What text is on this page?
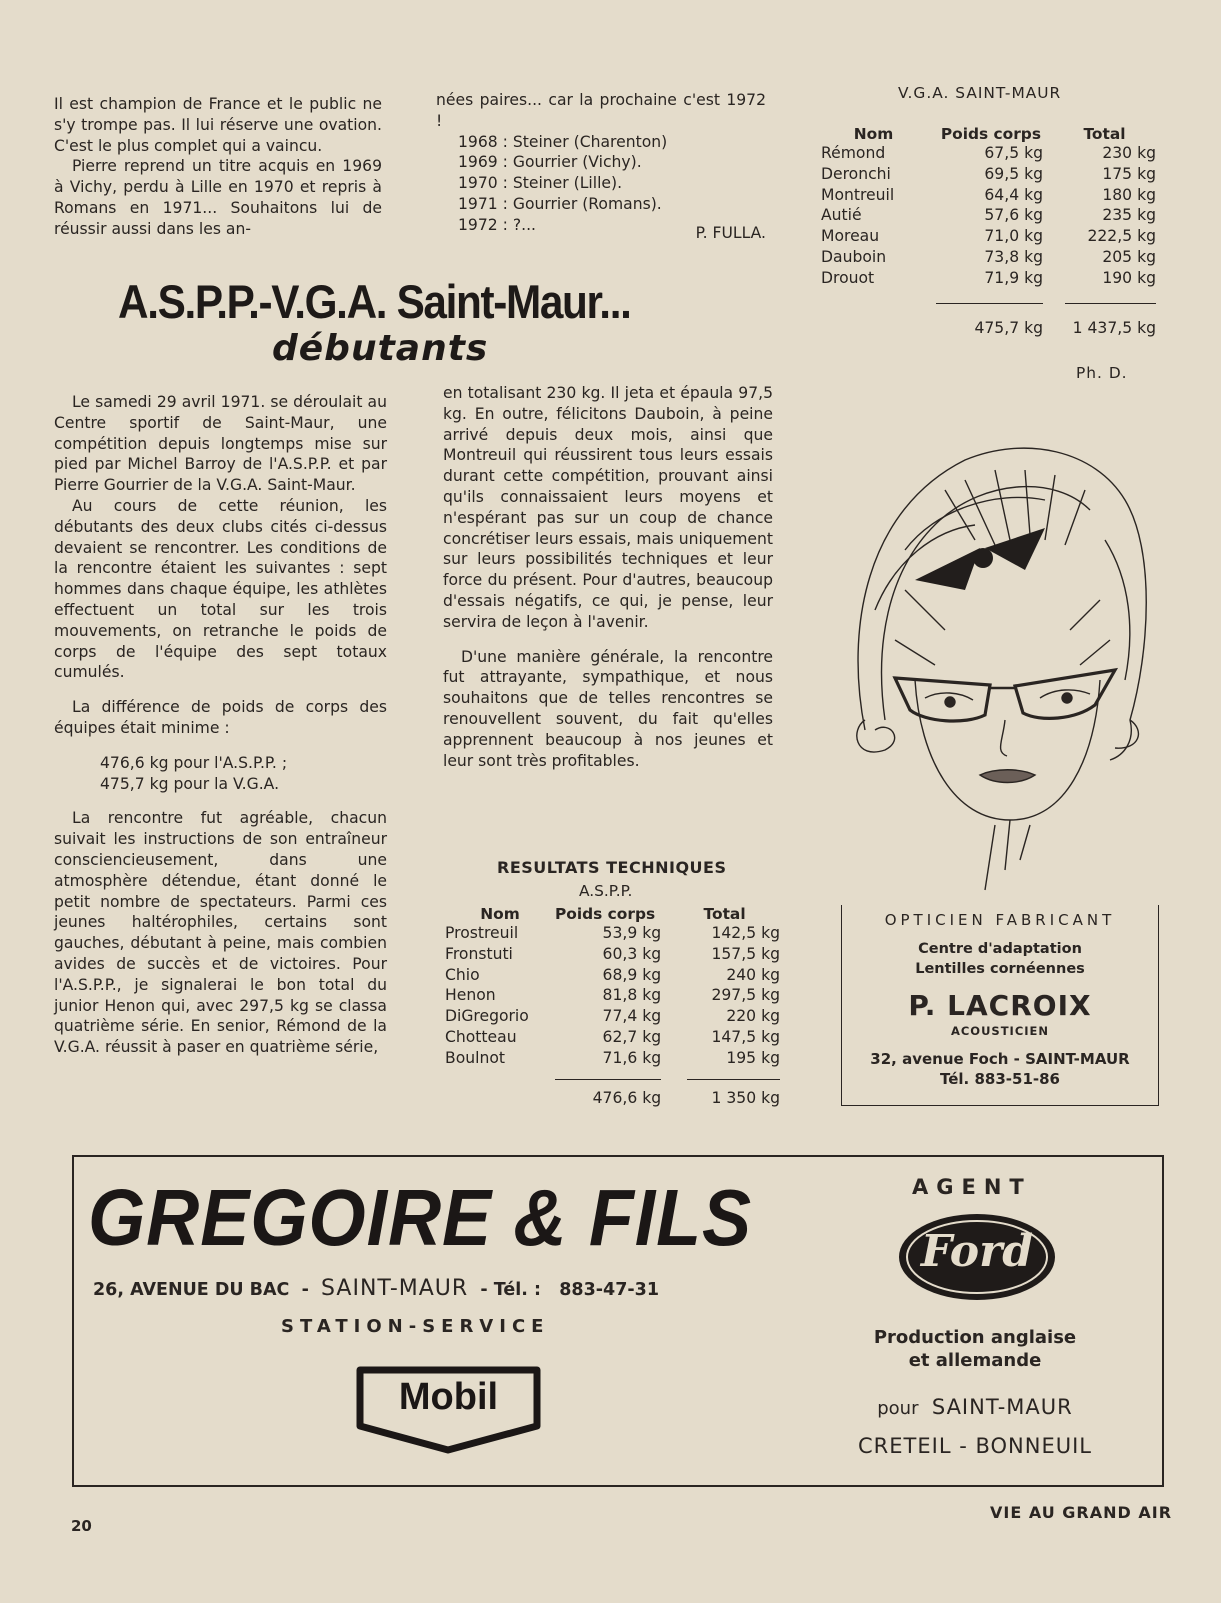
Il est champion de France et le public ne s'y trompe pas. Il lui réserve une ovation. C'est le plus complet qui a vaincu.

Pierre reprend un titre acquis en 1969 à Vichy, perdu à Lille en 1970 et repris à Romans en 1971... Souhaitons lui de réussir aussi dans les an-

nées paires... car la prochaine c'est 1972 !

1968 : Steiner (Charenton)
1969 : Gourrier (Vichy).
1970 : Steiner (Lille).
1971 : Gourrier (Romans).
1972 : ?...	P. FULLA.
A.S.P.P.-V.G.A. Saint-Maur...
débutants

Le samedi 29 avril 1971. se déroulait au Centre sportif de Saint-Maur, une compétition depuis longtemps mise sur pied par Michel Barroy de l'A.S.P.P. et par Pierre Gourrier de la V.G.A. Saint-Maur.

Au cours de cette réunion, les débutants des deux clubs cités ci-dessus devaient se rencontrer. Les conditions de la rencontre étaient les suivantes : sept hommes dans chaque équipe, les athlètes effectuent un total sur les trois mouvements, on retranche le poids de corps de l'équipe des sept totaux cumulés.

La différence de poids de corps des équipes était minime :

476,6 kg pour l'A.S.P.P. ;
475,7 kg pour la V.G.A.

La rencontre fut agréable, chacun suivait les instructions de son entraîneur consciencieusement, dans une atmosphère détendue, étant donné le petit nombre de spectateurs. Parmi ces jeunes haltérophiles, certains sont gauches, débutant à peine, mais combien avides de succès et de victoires. Pour l'A.S.P.P., je signalerai le bon total du junior Henon qui, avec 297,5 kg se classa quatrième série. En senior, Rémond de la V.G.A. réussit à paser en quatrième série,

en totalisant 230 kg. Il jeta et épaula 97,5 kg. En outre, félicitons Dauboin, à peine arrivé depuis deux mois, ainsi que Montreuil qui réussirent tous leurs essais durant cette compétition, prouvant ainsi qu'ils connaissaient leurs moyens et n'espérant pas sur un coup de chance concrétiser leurs essais, mais uniquement sur leurs possibilités techniques et leur force du présent. Pour d'autres, beaucoup d'essais négatifs, ce qui, je pense, leur servira de leçon à l'avenir.

D'une manière générale, la rencontre fut attrayante, sympathique, et nous souhaitons que de telles rencontres se renouvellent souvent, du fait qu'elles apprennent beaucoup à nos jeunes et leur sont très profitables.

RESULTATS TECHNIQUES
A.S.P.P.
Nom	Poids corps	Total
Prostreuil	53,9 kg	142,5 kg
Fronstuti	60,3 kg	157,5 kg
Chio	68,9 kg	240 kg
Henon	81,8 kg	297,5 kg
DiGregorio	77,4 kg	220 kg
Chotteau	62,7 kg	147,5 kg
Boulnot	71,6 kg	195 kg

476,6 kg	1 350 kg
V.G.A. SAINT-MAUR
Nom	Poids corps	Total
Rémond	67,5 kg	230 kg
Deronchi	69,5 kg	175 kg
Montreuil	64,4 kg	180 kg
Autié	57,6 kg	235 kg
Moreau	71,0 kg	222,5 kg
Dauboin	73,8 kg	205 kg
Drouot	71,9 kg	190 kg

475,7 kg	1 437,5 kg
Ph. D.
OPTICIEN FABRICANT
Centre d'adaptation
Lentilles cornéennes
P. LACROIX
ACOUSTICIEN
32, avenue Foch - SAINT-MAUR
Tél. 883-51-86
GREGOIRE & FILS
26, AVENUE DU BAC - SAINT-MAUR - Tél. : 883-47-31
STATION-SERVICE
Mobil
AGENT
Ford
Production anglaise
et allemande
pour SAINT-MAUR
CRETEIL - BONNEUIL
20
VIE AU GRAND AIR
